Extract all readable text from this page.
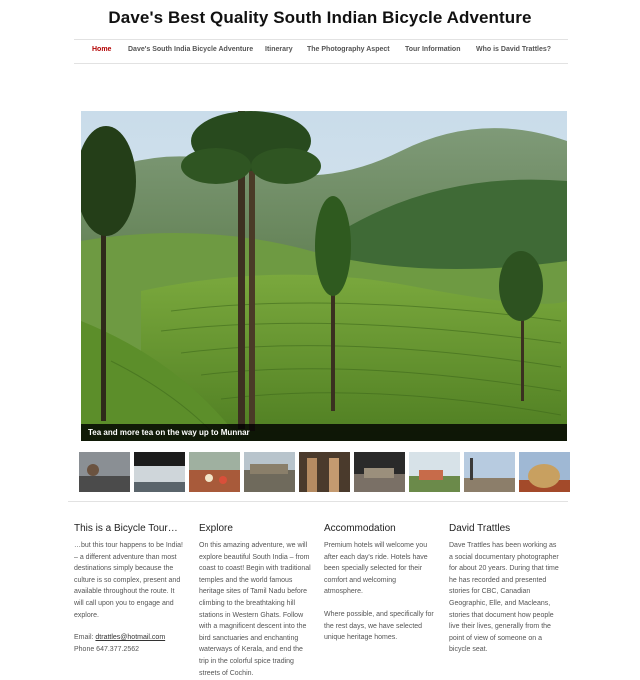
Dave's Best Quality South Indian Bicycle Adventure
Home Dave's South India Bicycle Adventure Itinerary The Photography Aspect Tour Information Who is David Trattles?
Tea and more tea on the way up to Munnar
This is a Bicycle Tour…

…but this tour happens to be India! – a different adventure than most destinations simply because the culture is so complex, present and available throughout the route. It will call upon you to engage and explore.

Email: dtrattles@hotmail.com
Phone 647.377.2562

Explore

On this amazing adventure, we will explore beautiful South India – from coast to coast! Begin with traditional temples and the world famous heritage sites of Tamil Nadu before climbing to the breathtaking hill stations in Western Ghats. Follow with a magnificent descent into the bird sanctuaries and enchanting waterways of Kerala, and end the trip in the colorful spice trading streets of Cochin.

Accommodation

Premium hotels will welcome you after each day's ride. Hotels have been specially selected for their comfort and welcoming atmosphere.

Where possible, and specifically for the rest days, we have selected unique heritage homes.

David Trattles

Dave Trattles has been working as a social documentary photographer for about 20 years. During that time he has recorded and presented stories for CBC, Canadian Geographic, Elle, and Macleans, stories that document how people live their lives, generally from the point of view of someone on a bicycle seat.
